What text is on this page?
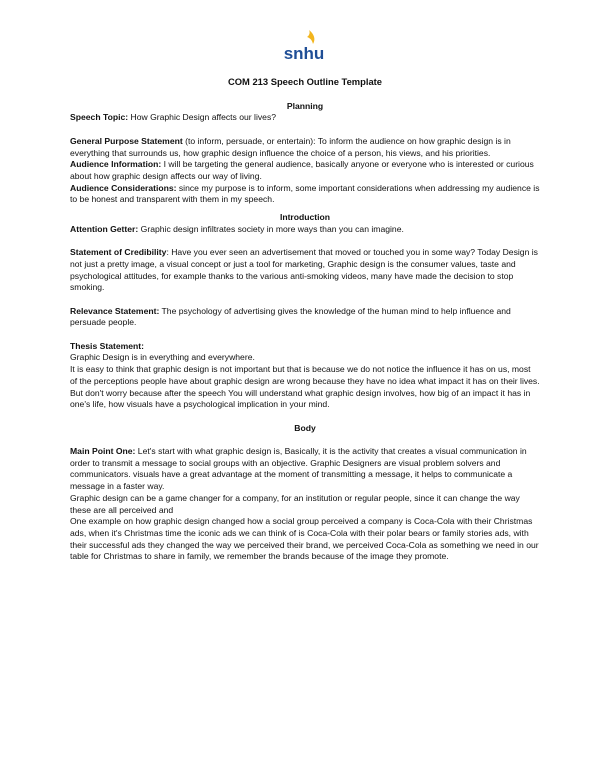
snhu
COM 213 Speech Outline Template
Planning

Speech Topic: How Graphic Design affects our lives?

General Purpose Statement (to inform, persuade, or entertain): To inform the audience on how graphic design is in everything that surrounds us, how graphic design influence the choice of a person, his views, and his priorities.

Audience Information: I will be targeting the general audience, basically anyone or everyone who is interested or curious about how graphic design affects our way of living.

Audience Considerations: since my purpose is to inform, some important considerations when addressing my audience is to be honest and transparent with them in my speech.

Introduction

Attention Getter: Graphic design infiltrates society in more ways than you can imagine.

Statement of Credibility: Have you ever seen an advertisement that moved or touched you in some way? Today Design is not just a pretty image, a visual concept or just a tool for marketing, Graphic design is the consumer values, taste and psychological attitudes, for example thanks to the various anti-smoking videos, many have made the decision to stop smoking.

Relevance Statement: The psychology of advertising gives the knowledge of the human mind to help influence and persuade people.

Thesis Statement:

Graphic Design is in everything and everywhere.

It is easy to think that graphic design is not important but that is because we do not notice the influence it has on us, most of the perceptions people have about graphic design are wrong because they have no idea what impact it has on their lives.

But don't worry because after the speech You will understand what graphic design involves, how big of an impact it has in one's life, how visuals have a psychological implication in your mind.

Body

Main Point One: Let's start with what graphic design is, Basically, it is the activity that creates a visual communication in order to transmit a message to social groups with an objective. Graphic Designers are visual problem solvers and communicators. visuals have a great advantage at the moment of transmitting a message, it helps to communicate a message in a faster way.

Graphic design can be a game changer for a company, for an institution or regular people, since it can change the way these are all perceived and

One example on how graphic design changed how a social group perceived a company is Coca-Cola with their Christmas ads, when it's Christmas time the iconic ads we can think of is Coca-Cola with their polar bears or family stories ads, with their successful ads they changed the way we perceived their brand, we perceived Coca-Cola as something we need in our table for Christmas to share in family, we remember the brands because of the image they promote.
